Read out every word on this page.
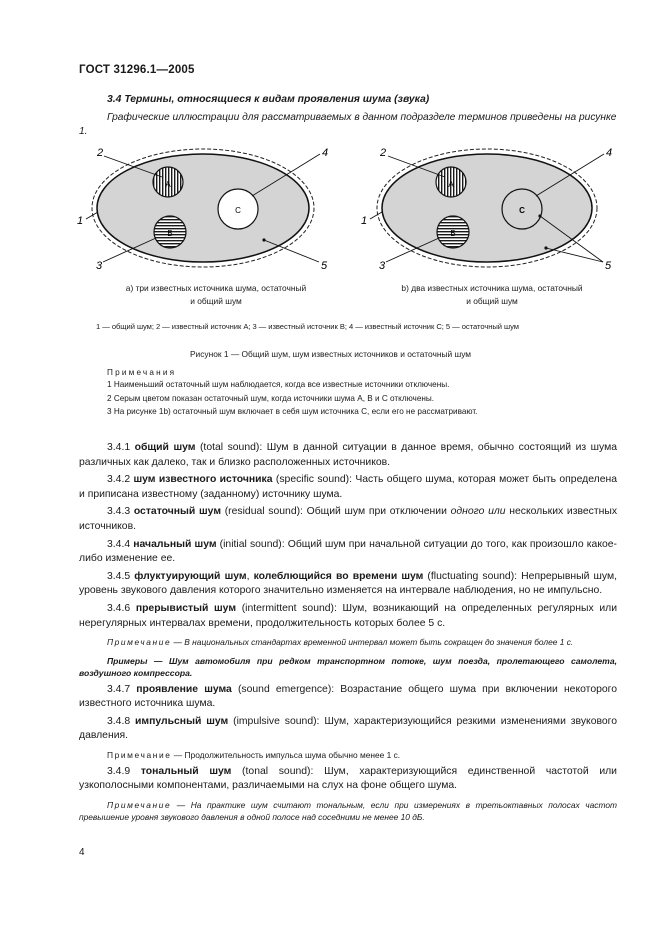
ГОСТ 31296.1—2005
3.4 Термины, относящиеся к видам проявления шума (звука)
Графические иллюстрации для рассматриваемых в данном подразделе терминов приведены на рисунке 1.
A
B
C
2	4
1
3	5
A
B
C
2	4
1
3	5
а) три известных источника шума, остаточный
и общий шум
b) два известных источника шума, остаточный
и общий шум
1 — общий шум; 2 — известный источник A; 3 — известный источник B; 4 — известный источник C; 5 — остаточный шум
Рисунок 1 — Общий шум, шум известных источников и остаточный шум
Примечания
1 Наименьший остаточный шум наблюдается, когда все известные источники отключены.
2 Серым цветом показан остаточный шум, когда источники шума A, B и C отключены.
3 На рисунке 1b) остаточный шум включает в себя шум источника C, если его не рассматривают.

3.4.1 общий шум (total sound): Шум в данной ситуации в данное время, обычно состоящий из шума различных как далеко, так и близко расположенных источников.

3.4.2 шум известного источника (specific sound): Часть общего шума, которая может быть определена и приписана известному (заданному) источнику шума.

3.4.3 остаточный шум (residual sound): Общий шум при отключении одного или нескольких известных источников.

3.4.4 начальный шум (initial sound): Общий шум при начальной ситуации до того, как произошло какое-либо изменение ее.

3.4.5 флуктуирующий шум, колеблющийся во времени шум (fluctuating sound): Непрерывный шум, уровень звукового давления которого значительно изменяется на интервале наблюдения, но не импульсно.

3.4.6 прерывистый шум (intermittent sound): Шум, возникающий на определенных регулярных или нерегулярных интервалах времени, продолжительность которых более 5 с.

Примечание — В национальных стандартах временной интервал может быть сокращен до значения более 1 с.

Примеры — Шум автомобиля при редком транспортном потоке, шум поезда, пролетающего самолета, воздушного компрессора.

3.4.7 проявление шума (sound emergence): Возрастание общего шума при включении некоторого известного источника шума.

3.4.8 импульсный шум (impulsive sound): Шум, характеризующийся резкими изменениями звукового давления.

Примечание — Продолжительность импульса шума обычно менее 1 с.

3.4.9 тональный шум (tonal sound): Шум, характеризующийся единственной частотой или узкополосными компонентами, различаемыми на слух на фоне общего шума.

Примечание — На практике шум считают тональным, если при измерениях в третьоктавных полосах частот превышение уровня звукового давления в одной полосе над соседними не менее 10 дБ.

4
